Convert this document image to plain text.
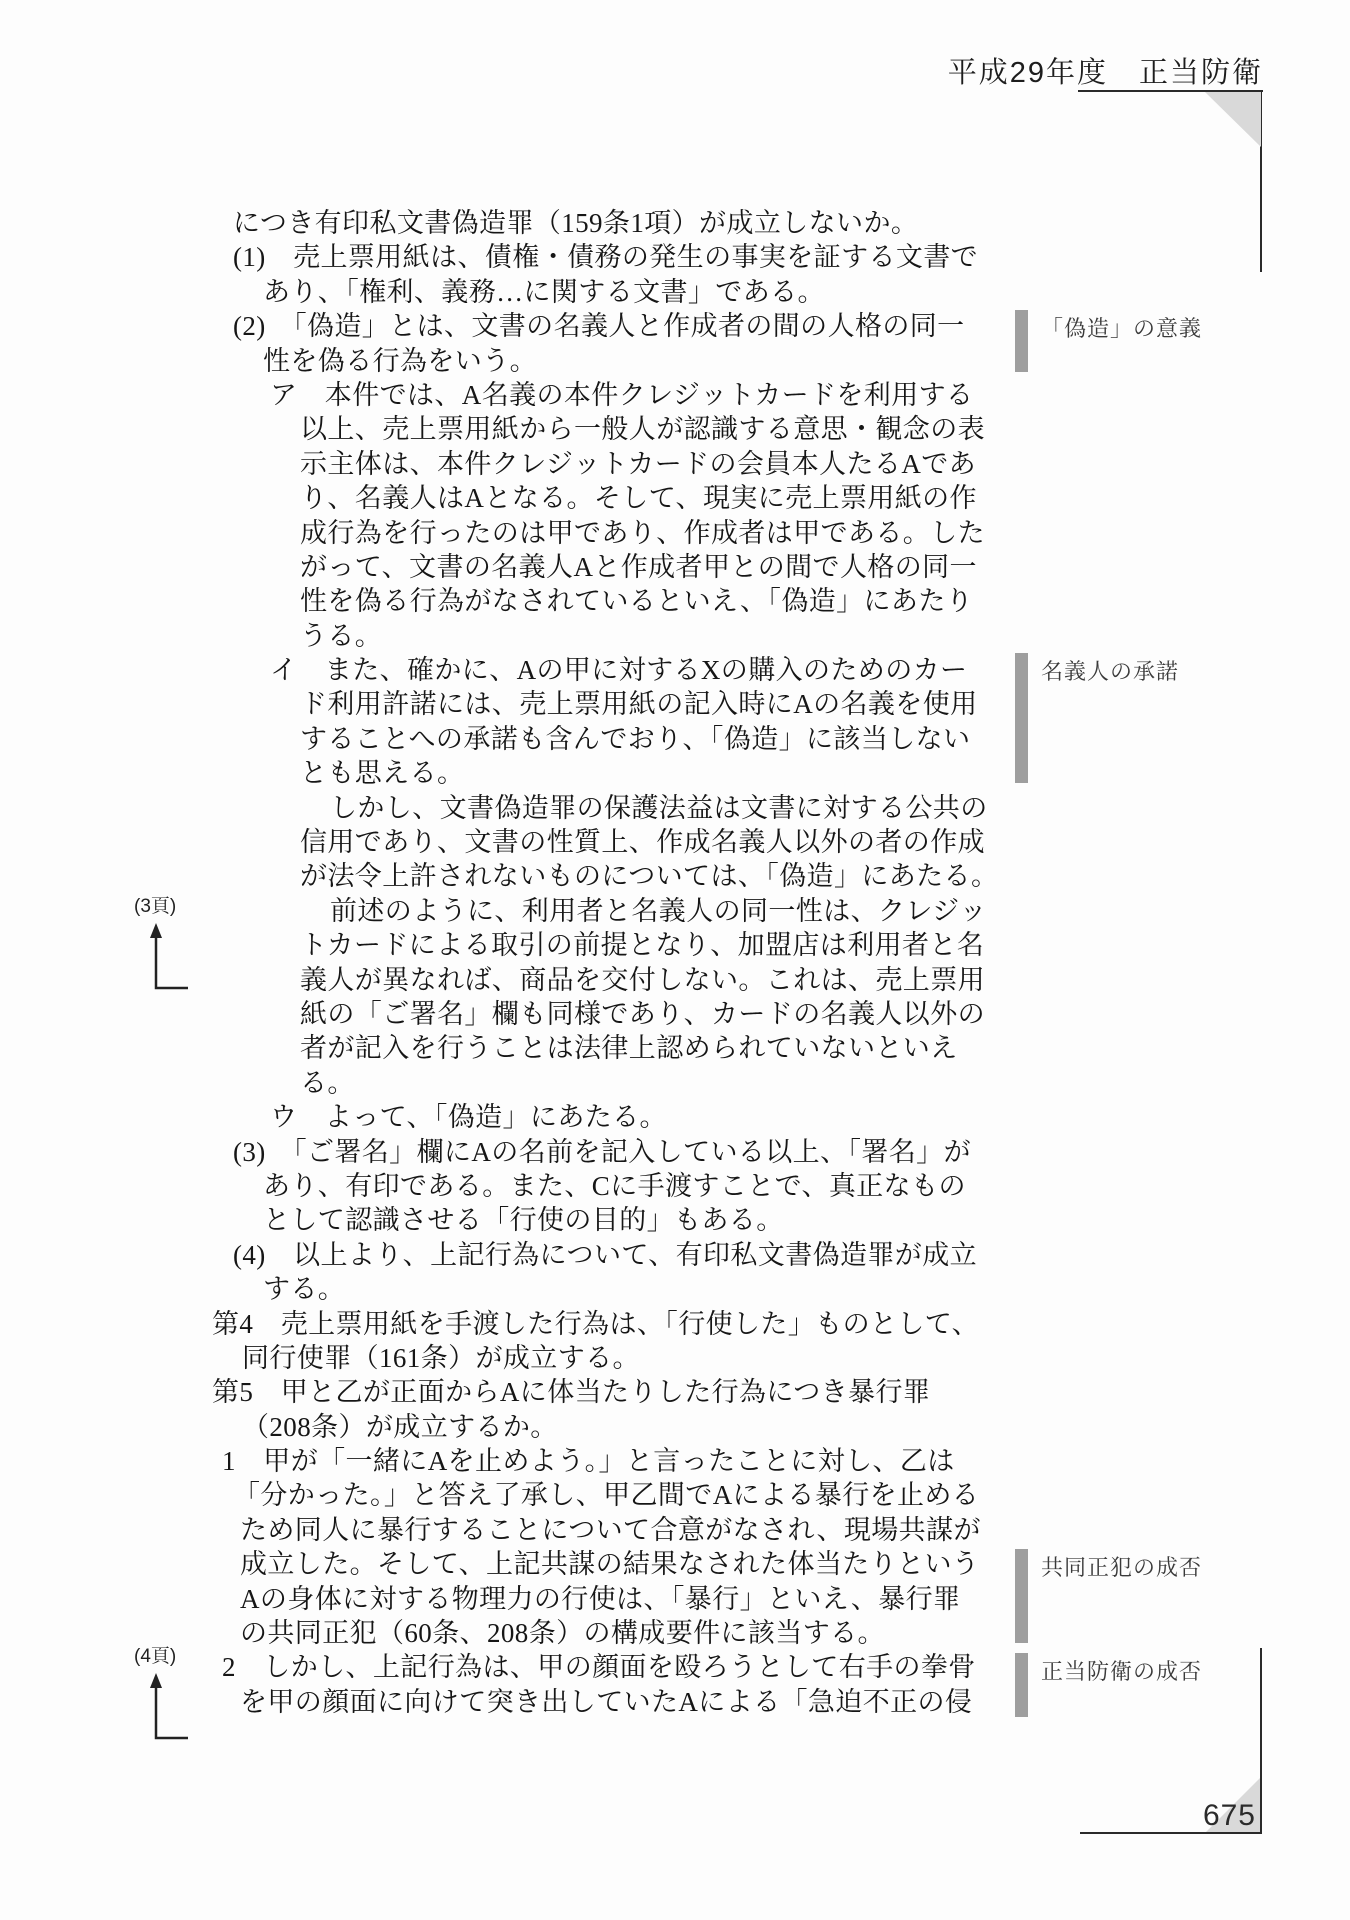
平成29年度　正当防衛
675
につき有印私文書偽造罪（159条1項）が成立しないか。
(1)　売上票用紙は、債権・債務の発生の事実を証する文書で
あり、「権利、義務…に関する文書」である。
(2)　「偽造」とは、文書の名義人と作成者の間の人格の同一
性を偽る行為をいう。
ア　本件では、A名義の本件クレジットカードを利用する
以上、売上票用紙から一般人が認識する意思・観念の表
示主体は、本件クレジットカードの会員本人たるAであ
り、名義人はAとなる。そして、現実に売上票用紙の作
成行為を行ったのは甲であり、作成者は甲である。した
がって、文書の名義人Aと作成者甲との間で人格の同一
性を偽る行為がなされているといえ、「偽造」にあたり
うる。
イ　また、確かに、Aの甲に対するXの購入のためのカー
ド利用許諾には、売上票用紙の記入時にAの名義を使用
することへの承諾も含んでおり、「偽造」に該当しない
とも思える。
しかし、文書偽造罪の保護法益は文書に対する公共の
信用であり、文書の性質上、作成名義人以外の者の作成
が法令上許されないものについては、「偽造」にあたる。
前述のように、利用者と名義人の同一性は、クレジッ
トカードによる取引の前提となり、加盟店は利用者と名
義人が異なれば、商品を交付しない。これは、売上票用
紙の「ご署名」欄も同様であり、カードの名義人以外の
者が記入を行うことは法律上認められていないといえ
る。
ウ　よって、「偽造」にあたる。
(3)　「ご署名」欄にAの名前を記入している以上、「署名」が
あり、有印である。また、Cに手渡すことで、真正なもの
として認識させる「行使の目的」もある。
(4)　以上より、上記行為について、有印私文書偽造罪が成立
する。
第4　売上票用紙を手渡した行為は、「行使した」ものとして、
同行使罪（161条）が成立する。
第5　甲と乙が正面からAに体当たりした行為につき暴行罪
（208条）が成立するか。
1　甲が「一緒にAを止めよう。」と言ったことに対し、乙は
「分かった。」と答え了承し、甲乙間でAによる暴行を止める
ため同人に暴行することについて合意がなされ、現場共謀が
成立した。そして、上記共謀の結果なされた体当たりという
Aの身体に対する物理力の行使は、「暴行」といえ、暴行罪
の共同正犯（60条、208条）の構成要件に該当する。
2　しかし、上記行為は、甲の顔面を殴ろうとして右手の拳骨
を甲の顔面に向けて突き出していたAによる「急迫不正の侵
「偽造」の意義
名義人の承諾
共同正犯の成否
正当防衛の成否
(3頁)
(4頁)
